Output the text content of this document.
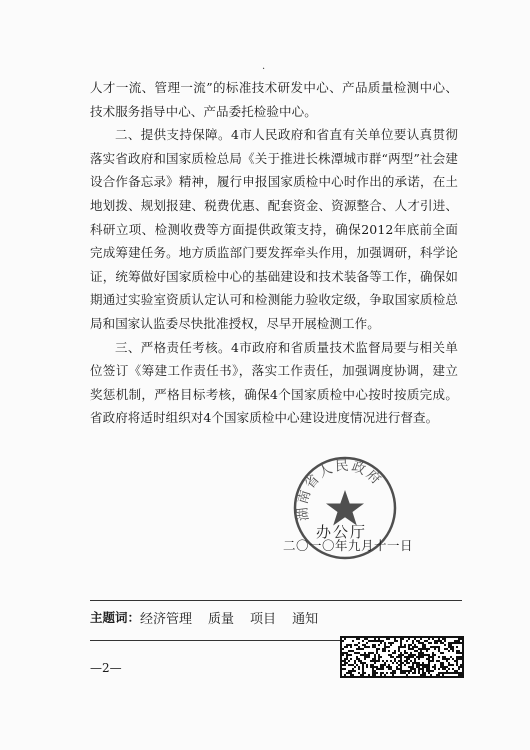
·

人才一流、管理一流”的标准技术研发中心、产品质量检测中心、技术服务指导中心、产品委托检验中心。

二、提供支持保障。4市人民政府和省直有关单位要认真贯彻落实省政府和国家质检总局《关于推进长株潭城市群“两型”社会建设合作备忘录》精神，履行申报国家质检中心时作出的承诺，在土地划拨、规划报建、税费优惠、配套资金、资源整合、人才引进、科研立项、检测收费等方面提供政策支持，确保2012年底前全面完成筹建任务。地方质监部门要发挥牵头作用，加强调研，科学论证，统筹做好国家质检中心的基础建设和技术装备等工作，确保如期通过实验室资质认定认可和检测能力验收定级，争取国家质检总局和国家认监委尽快批准授权，尽早开展检测工作。

三、严格责任考核。4市政府和省质量技术监督局要与相关单位签订《筹建工作责任书》，落实工作责任，加强调度协调，建立奖惩机制，严格目标考核，确保4个国家质检中心按时按质完成。省政府将适时组织对4个国家质检中心建设进度情况进行督查。

湖南省人民政府
办公厅
二〇一〇年九月十一日
主题词： 经济管理 质量 项目 通知
—2—
